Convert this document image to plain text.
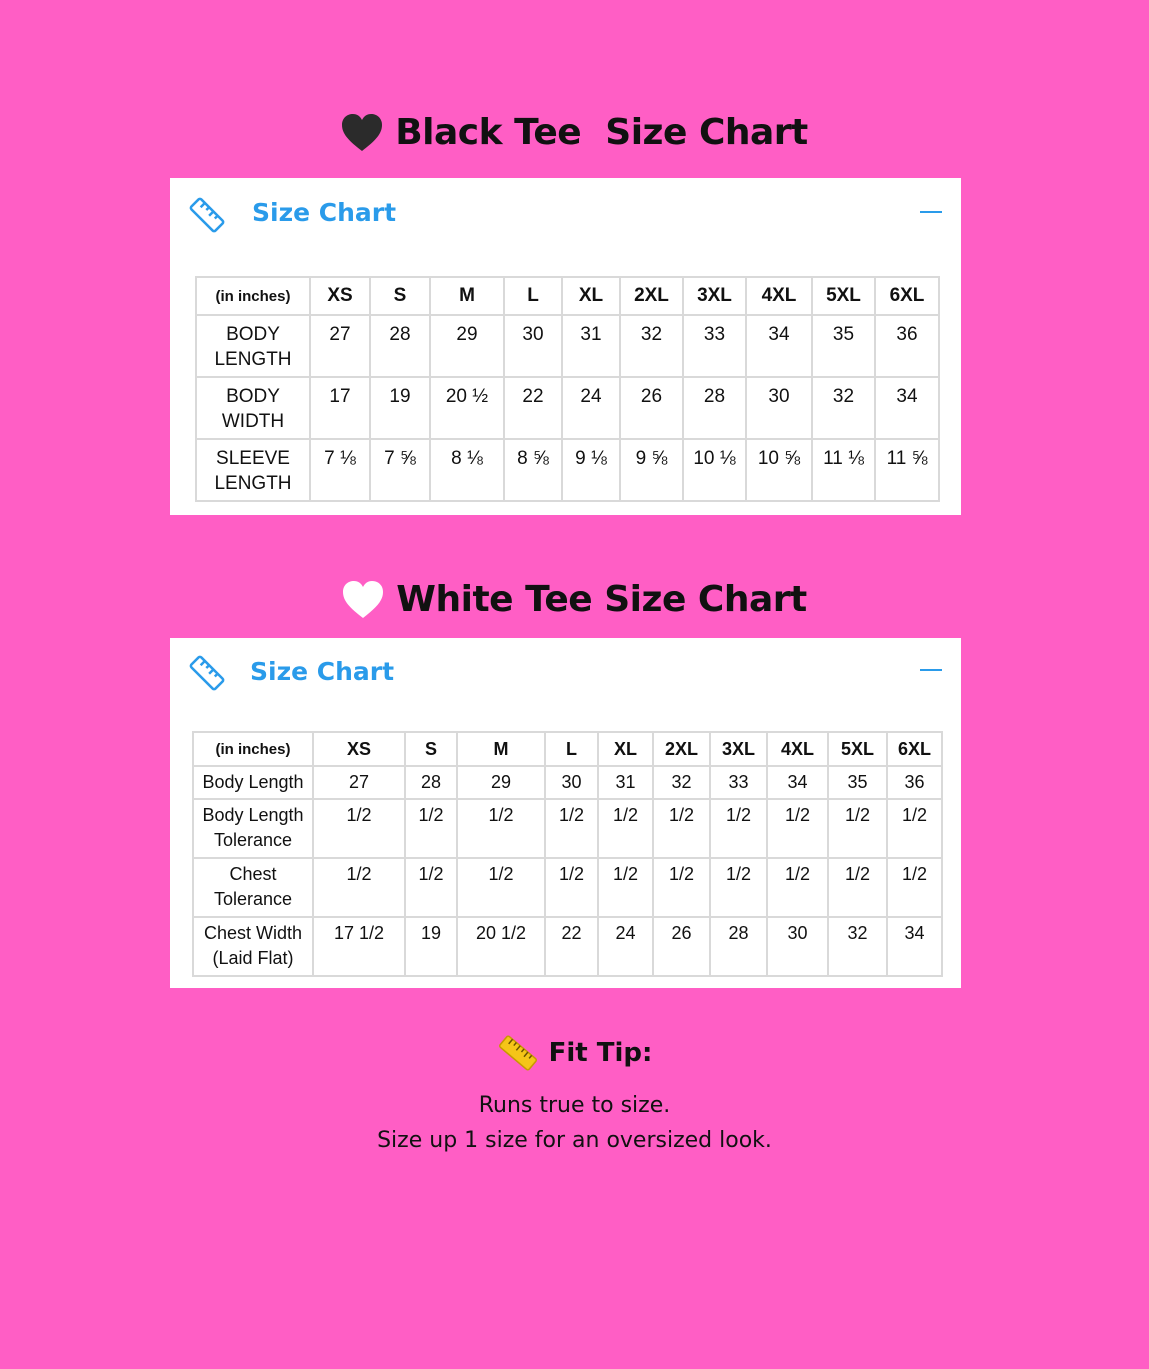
Black Tee  Size Chart
Size Chart
(in inches)	XS	S	M	L	XL	2XL	3XL	4XL	5XL	6XL
BODY
LENGTH	27	28	29	30	31	32	33	34	35	36
BODY
WIDTH	17	19	20 ½	22	24	26	28	30	32	34
SLEEVE
LENGTH	7 ⅛	7 ⅝	8 ⅛	8 ⅝	9 ⅛	9 ⅝	10 ⅛	10 ⅝	11 ⅛	11 ⅝
White Tee Size Chart
Size Chart
(in inches)	XS	S	M	L	XL	2XL	3XL	4XL	5XL	6XL
Body Length	27	28	29	30	31	32	33	34	35	36
Body Length
Tolerance	1/2	1/2	1/2	1/2	1/2	1/2	1/2	1/2	1/2	1/2
Chest
Tolerance	1/2	1/2	1/2	1/2	1/2	1/2	1/2	1/2	1/2	1/2
Chest Width
(Laid Flat)	17 1/2	19	20 1/2	22	24	26	28	30	32	34
Fit Tip:
Runs true to size.
Size up 1 size for an oversized look.
